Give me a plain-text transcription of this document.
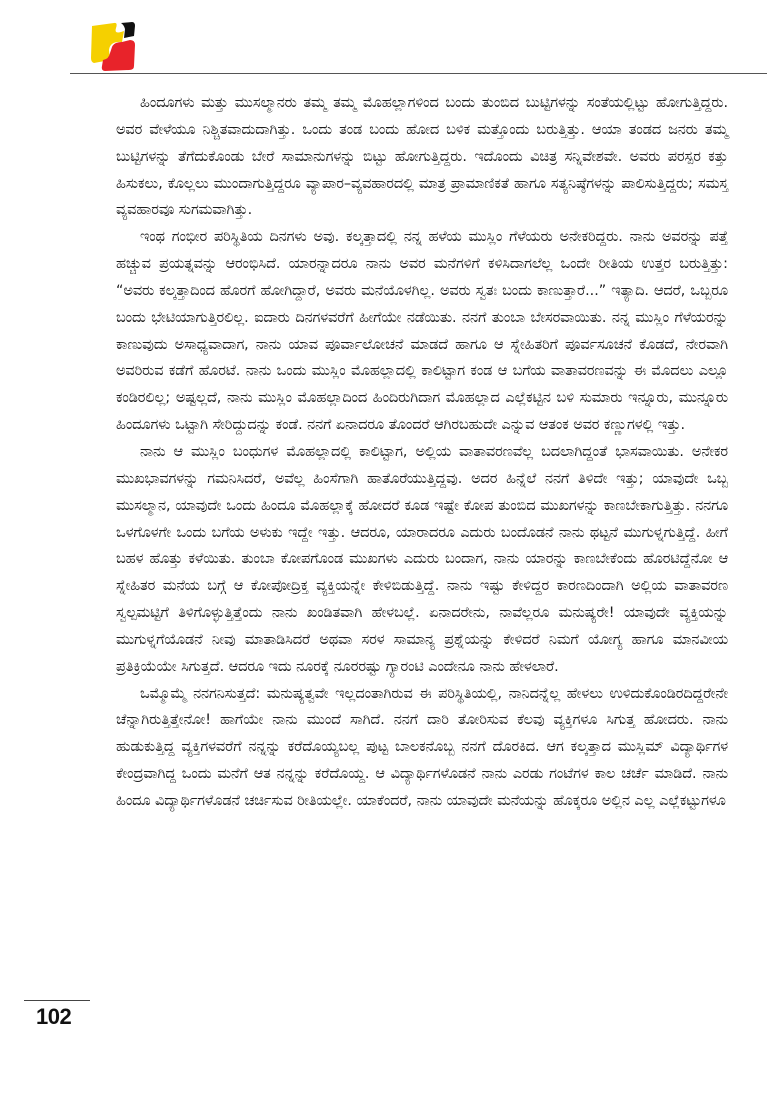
ಹಿಂದೂಗಳು ಮತ್ತು ಮುಸಲ್ಮಾನರು ತಮ್ಮ ತಮ್ಮ ಮೊಹಲ್ಲಾಗಳಿಂದ ಬಂದು ತುಂಬಿದ ಬುಟ್ಟಿಗಳನ್ನು ಸಂತೆಯಲ್ಲಿಟ್ಟು ಹೋಗುತ್ತಿದ್ದರು. ಅವರ ವೇಳೆಯೂ ನಿಶ್ಚಿತವಾದುದಾಗಿತ್ತು. ಒಂದು ತಂಡ ಬಂದು ಹೋದ ಬಳಿಕ ಮತ್ತೊಂದು ಬರುತ್ತಿತ್ತು. ಆಯಾ ತಂಡದ ಜನರು ತಮ್ಮ ಬುಟ್ಟಿಗಳನ್ನು ತೆಗೆದುಕೊಂಡು ಬೇರೆ ಸಾಮಾನುಗಳನ್ನು ಬಿಟ್ಟು ಹೋಗುತ್ತಿದ್ದರು. ಇದೊಂದು ವಿಚಿತ್ರ ಸನ್ನಿವೇಶವೇ. ಅವರು ಪರಸ್ಪರ ಕತ್ತು ಹಿಸುಕಲು, ಕೊಲ್ಲಲು ಮುಂದಾಗುತ್ತಿದ್ದರೂ ವ್ಯಾಪಾರ–ವ್ಯವಹಾರದಲ್ಲಿ ಮಾತ್ರ ಪ್ರಾಮಾಣಿಕತೆ ಹಾಗೂ ಸತ್ಯನಿಷ್ಠೆಗಳನ್ನು ಪಾಲಿಸುತ್ತಿದ್ದರು; ಸಮಸ್ತ ವ್ಯವಹಾರವೂ ಸುಗಮವಾಗಿತ್ತು.

ಇಂಥ ಗಂಭೀರ ಪರಿಸ್ಥಿತಿಯ ದಿನಗಳು ಅವು. ಕಲ್ಕತ್ತಾದಲ್ಲಿ ನನ್ನ ಹಳೆಯ ಮುಸ್ಲಿಂ ಗೆಳೆಯರು ಅನೇಕರಿದ್ದರು. ನಾನು ಅವರನ್ನು ಪತ್ತೆ ಹಚ್ಚುವ ಪ್ರಯತ್ನವನ್ನು ಆರಂಭಿಸಿದೆ. ಯಾರನ್ನಾದರೂ ನಾನು ಅವರ ಮನೆಗಳಿಗೆ ಕಳಿಸಿದಾಗಲೆಲ್ಲ ಒಂದೇ ರೀತಿಯ ಉತ್ತರ ಬರುತ್ತಿತ್ತು: “ಅವರು ಕಲ್ಕತ್ತಾದಿಂದ ಹೊರಗೆ ಹೋಗಿದ್ದಾರೆ, ಅವರು ಮನೆಯೊಳಗಿಲ್ಲ. ಅವರು ಸ್ವತಃ ಬಂದು ಕಾಣುತ್ತಾರೆ...” ಇತ್ಯಾದಿ. ಆದರೆ, ಒಬ್ಬರೂ ಬಂದು ಭೇಟಿಯಾಗುತ್ತಿರಲಿಲ್ಲ. ಐದಾರು ದಿನಗಳವರೆಗೆ ಹೀಗೆಯೇ ನಡೆಯಿತು. ನನಗೆ ತುಂಬಾ ಬೇಸರವಾಯಿತು. ನನ್ನ ಮುಸ್ಲಿಂ ಗೆಳೆಯರನ್ನು ಕಾಣುವುದು ಅಸಾಧ್ಯವಾದಾಗ, ನಾನು ಯಾವ ಪೂರ್ವಾಲೋಚನೆ ಮಾಡದೆ ಹಾಗೂ ಆ ಸ್ನೇಹಿತರಿಗೆ ಪೂರ್ವಸೂಚನೆ ಕೊಡದೆ, ನೇರವಾಗಿ ಅವರಿರುವ ಕಡೆಗೆ ಹೊರಟೆ. ನಾನು ಒಂದು ಮುಸ್ಲಿಂ ಮೊಹಲ್ಲಾದಲ್ಲಿ ಕಾಲಿಟ್ಟಾಗ ಕಂಡ ಆ ಬಗೆಯ ವಾತಾವರಣವನ್ನು ಈ ಮೊದಲು ಎಲ್ಲೂ ಕಂಡಿರಲಿಲ್ಲ; ಅಷ್ಟಲ್ಲದೆ, ನಾನು ಮುಸ್ಲಿಂ ಮೊಹಲ್ಲಾದಿಂದ ಹಿಂದಿರುಗಿದಾಗ ಮೊಹಲ್ಲಾದ ಎಲ್ಲೆಕಟ್ಟಿನ ಬಳಿ ಸುಮಾರು ಇನ್ನೂರು, ಮುನ್ನೂರು ಹಿಂದೂಗಳು ಒಟ್ಟಾಗಿ ಸೇರಿದ್ದುದನ್ನು ಕಂಡೆ. ನನಗೆ ಏನಾದರೂ ತೊಂದರೆ ಆಗಿರಬಹುದೇ ಎನ್ನುವ ಆತಂಕ ಅವರ ಕಣ್ಣುಗಳಲ್ಲಿ ಇತ್ತು.

ನಾನು ಆ ಮುಸ್ಲಿಂ ಬಂಧುಗಳ ಮೊಹಲ್ಲಾದಲ್ಲಿ ಕಾಲಿಟ್ಟಾಗ, ಅಲ್ಲಿಯ ವಾತಾವರಣವೆಲ್ಲ ಬದಲಾಗಿದ್ದಂತೆ ಭಾಸವಾಯಿತು. ಅನೇಕರ ಮುಖಭಾವಗಳನ್ನು ಗಮನಿಸಿದರೆ, ಅವೆಲ್ಲ ಹಿಂಸೆಗಾಗಿ ಹಾತೊರೆಯುತ್ತಿದ್ದವು. ಅದರ ಹಿನ್ನೆಲೆ ನನಗೆ ತಿಳಿದೇ ಇತ್ತು; ಯಾವುದೇ ಒಬ್ಬ ಮುಸಲ್ಮಾನ, ಯಾವುದೇ ಒಂದು ಹಿಂದೂ ಮೊಹಲ್ಲಾಕ್ಕೆ ಹೋದರೆ ಕೂಡ ಇಷ್ಟೇ ಕೋಪ ತುಂಬಿದ ಮುಖಗಳನ್ನು ಕಾಣಬೇಕಾಗುತ್ತಿತ್ತು. ನನಗೂ ಒಳಗೊಳಗೇ ಒಂದು ಬಗೆಯ ಅಳುಕು ಇದ್ದೇ ಇತ್ತು. ಆದರೂ, ಯಾರಾದರೂ ಎದುರು ಬಂದೊಡನೆ ನಾನು ಥಟ್ಟನೆ ಮುಗುಳ್ನಗುತ್ತಿದ್ದೆ. ಹೀಗೆ ಬಹಳ ಹೊತ್ತು ಕಳೆಯಿತು. ತುಂಬಾ ಕೋಪಗೊಂಡ ಮುಖಗಳು ಎದುರು ಬಂದಾಗ, ನಾನು ಯಾರನ್ನು ಕಾಣಬೇಕೆಂದು ಹೊರಟಿದ್ದೆನೋ ಆ ಸ್ನೇಹಿತರ ಮನೆಯ ಬಗ್ಗೆ ಆ ಕೋಪೋದ್ರಿಕ್ತ ವ್ಯಕ್ತಿಯನ್ನೇ ಕೇಳಿಬಿಡುತ್ತಿದ್ದೆ. ನಾನು ಇಷ್ಟು ಕೇಳಿದ್ದರ ಕಾರಣದಿಂದಾಗಿ ಅಲ್ಲಿಯ ವಾತಾವರಣ ಸ್ವಲ್ಪಮಟ್ಟಿಗೆ ತಿಳಿಗೊಳ್ಳುತ್ತಿತ್ತೆಂದು ನಾನು ಖಂಡಿತವಾಗಿ ಹೇಳಬಲ್ಲೆ. ಏನಾದರೇನು, ನಾವೆಲ್ಲರೂ ಮನುಷ್ಯರೇ! ಯಾವುದೇ ವ್ಯಕ್ತಿಯನ್ನು ಮುಗುಳ್ನಗೆಯೊಡನೆ ನೀವು ಮಾತಾಡಿಸಿದರೆ ಅಥವಾ ಸರಳ ಸಾಮಾನ್ಯ ಪ್ರಶ್ನೆಯನ್ನು ಕೇಳಿದರೆ ನಿಮಗೆ ಯೋಗ್ಯ ಹಾಗೂ ಮಾನವೀಯ ಪ್ರತಿಕ್ರಿಯೆಯೇ ಸಿಗುತ್ತದೆ. ಆದರೂ ಇದು ನೂರಕ್ಕೆ ನೂರರಷ್ಟು ಗ್ಯಾರಂಟಿ ಎಂದೇನೂ ನಾನು ಹೇಳಲಾರೆ.

ಒಮ್ಮೊಮ್ಮೆ ನನಗನಿಸುತ್ತದೆ: ಮನುಷ್ಯತ್ವವೇ ಇಲ್ಲದಂತಾಗಿರುವ ಈ ಪರಿಸ್ಥಿತಿಯಲ್ಲಿ, ನಾನಿದನ್ನೆಲ್ಲ ಹೇಳಲು ಉಳಿದುಕೊಂಡಿರದಿದ್ದರೇನೇ ಚೆನ್ನಾಗಿರುತ್ತಿತ್ತೇನೋ! ಹಾಗೆಯೇ ನಾನು ಮುಂದೆ ಸಾಗಿದೆ. ನನಗೆ ದಾರಿ ತೋರಿಸುವ ಕೆಲವು ವ್ಯಕ್ತಿಗಳೂ ಸಿಗುತ್ತ ಹೋದರು. ನಾನು ಹುಡುಕುತ್ತಿದ್ದ ವ್ಯಕ್ತಿಗಳವರೆಗೆ ನನ್ನನ್ನು ಕರೆದೊಯ್ಯಬಲ್ಲ ಪುಟ್ಟ ಬಾಲಕನೊಬ್ಬ ನನಗೆ ದೊರಕಿದ. ಆಗ ಕಲ್ಕತ್ತಾದ ಮುಸ್ಲಿಮ್ ವಿದ್ಯಾರ್ಥಿಗಳ ಕೇಂದ್ರವಾಗಿದ್ದ ಒಂದು ಮನೆಗೆ ಆತ ನನ್ನನ್ನು ಕರೆದೊಯ್ದ. ಆ ವಿದ್ಯಾರ್ಥಿಗಳೊಡನೆ ನಾನು ಎರಡು ಗಂಟೆಗಳ ಕಾಲ ಚರ್ಚೆ ಮಾಡಿದೆ. ನಾನು ಹಿಂದೂ ವಿದ್ಯಾರ್ಥಿಗಳೊಡನೆ ಚರ್ಚಿಸುವ ರೀತಿಯಲ್ಲೇ. ಯಾಕೆಂದರೆ, ನಾನು ಯಾವುದೇ ಮನೆಯನ್ನು ಹೊಕ್ಕರೂ ಅಲ್ಲಿನ ಎಲ್ಲ ಎಲ್ಲೆಕಟ್ಟುಗಳೂ

102
